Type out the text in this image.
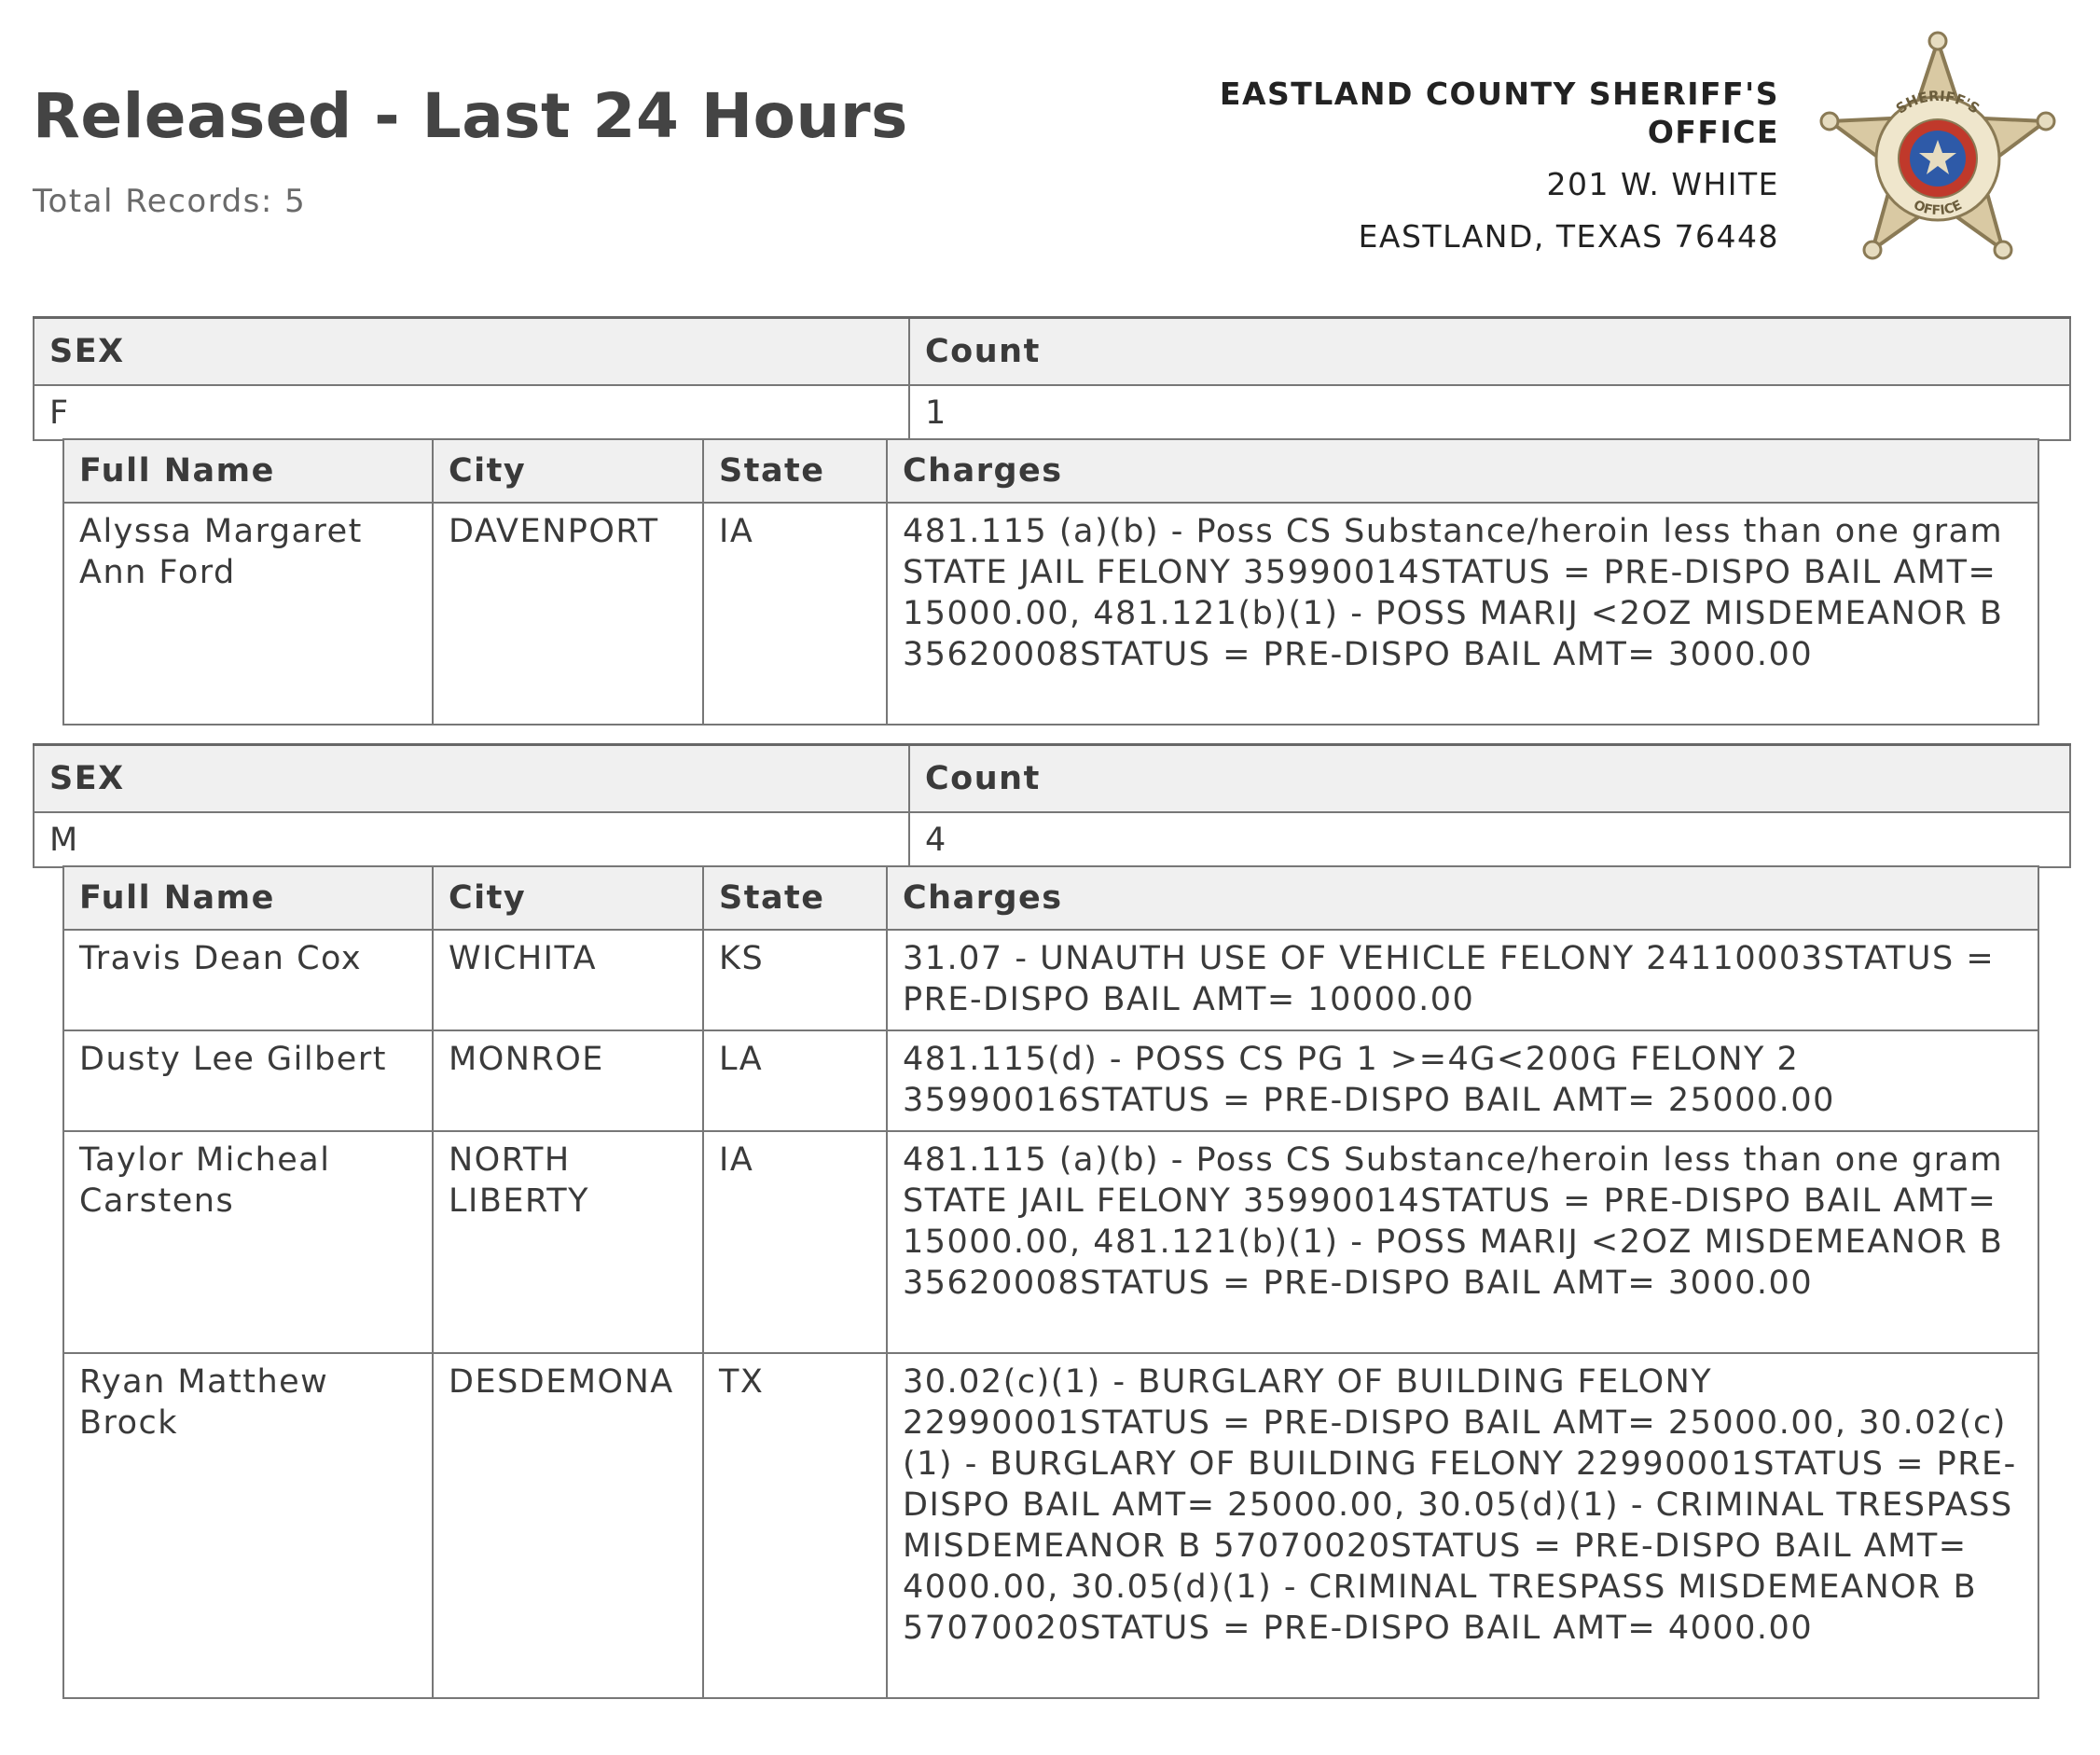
Released - Last 24 Hours
Total Records: 5
EASTLAND COUNTY SHERIFF'S OFFICE
201 W. WHITE
EASTLAND, TEXAS 76448
SHERIFF'S
OFFICE
SEX	Count
F	1
Full Name	City	State	Charges
Alyssa Margaret Ann Ford	DAVENPORT	IA	481.115 (a)(b) - Poss CS Substance/heroin less than one gram STATE JAIL FELONY 35990014STATUS = PRE-DISPO BAIL AMT= 15000.00, 481.121(b)(1) - POSS MARIJ <2OZ MISDEMEANOR B 35620008STATUS = PRE-DISPO BAIL AMT= 3000.00
SEX	Count
M	4
Full Name	City	State	Charges
Travis Dean Cox	WICHITA	KS	31.07 - UNAUTH USE OF VEHICLE FELONY 24110003STATUS = PRE-DISPO BAIL AMT= 10000.00
Dusty Lee Gilbert	MONROE	LA	481.115(d) - POSS CS PG 1 >=4G<200G FELONY 2 35990016STATUS = PRE-DISPO BAIL AMT= 25000.00
Taylor Micheal Carstens	NORTH LIBERTY	IA	481.115 (a)(b) - Poss CS Substance/heroin less than one gram STATE JAIL FELONY 35990014STATUS = PRE-DISPO BAIL AMT= 15000.00, 481.121(b)(1) - POSS MARIJ <2OZ MISDEMEANOR B 35620008STATUS = PRE-DISPO BAIL AMT= 3000.00
Ryan Matthew Brock	DESDEMONA	TX	30.02(c)(1) - BURGLARY OF BUILDING FELONY 22990001STATUS = PRE-DISPO BAIL AMT= 25000.00, 30.02(c)(1) - BURGLARY OF BUILDING FELONY 22990001STATUS = PRE-DISPO BAIL AMT= 25000.00, 30.05(d)(1) - CRIMINAL TRESPASS MISDEMEANOR B 57070020STATUS = PRE-DISPO BAIL AMT= 4000.00, 30.05(d)(1) - CRIMINAL TRESPASS MISDEMEANOR B 57070020STATUS = PRE-DISPO BAIL AMT= 4000.00
